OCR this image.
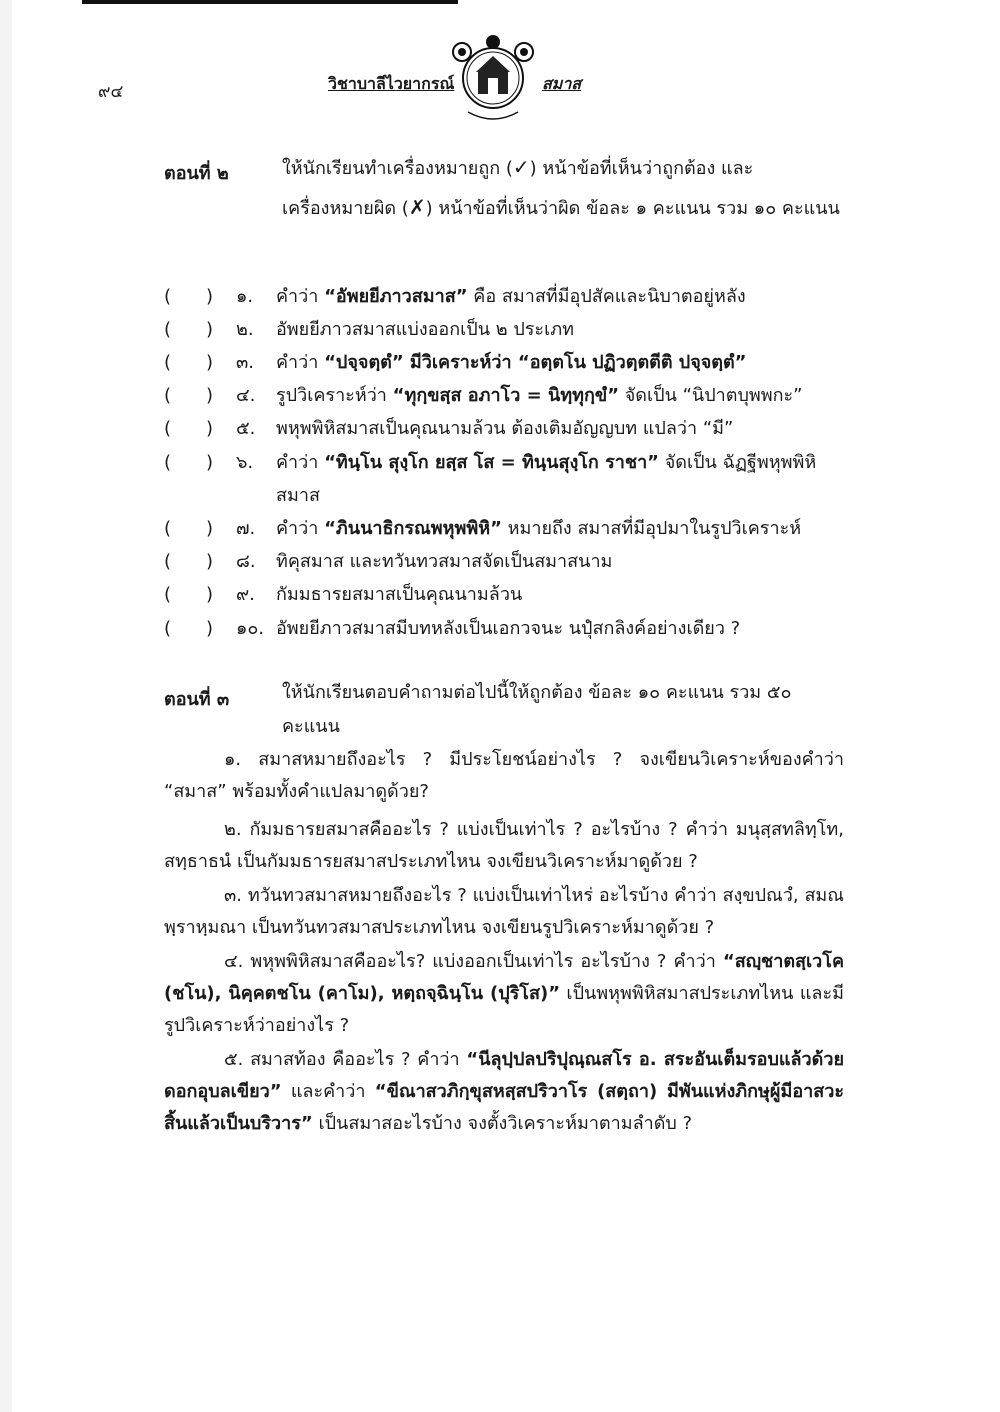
๙๔	วิชาบาลีไวยากรณ์	สมาส
ตอนที่ ๒	ให้นักเรียนทำเครื่องหมายถูก (✓) หน้าข้อที่เห็นว่าถูกต้อง และเครื่องหมายผิด (✗) หน้าข้อที่เห็นว่าผิด ข้อละ ๑ คะแนน รวม ๑๐ คะแนน
( ) ๑. คำว่า “อัพยยีภาวสมาส” คือ สมาสที่มีอุปสัคและนิบาตอยู่หลัง
( ) ๒. อัพยยีภาวสมาสแบ่งออกเป็น ๒ ประเภท
( ) ๓. คำว่า “ปจฺจตฺตํ” มีวิเคราะห์ว่า “อตฺตโน ปฏิวตฺตตีติ ปจฺจตฺตํ”
( ) ๔. รูปวิเคราะห์ว่า “ทุกฺขสฺส อภาโว = นิทฺทุกฺขํ” จัดเป็น “นิปาตบุพพกะ”
( ) ๕. พหุพพิหิสมาสเป็นคุณนามล้วน ต้องเติมอัญญบท แปลว่า “มี”
( ) ๖. คำว่า “ทินฺโน สุงฺโก ยสฺส โส = ทินฺนสุงฺโก ราชา” จัดเป็น ฉัฏฐีพหุพพิหิสมาส
( ) ๗. คำว่า “ภินนาธิกรณพหุพพิหิ” หมายถึง สมาสที่มีอุปมาในรูปวิเคราะห์
( ) ๘. ทิคุสมาส และทวันทวสมาสจัดเป็นสมาสนาม
( ) ๙. กัมมธารยสมาสเป็นคุณนามล้วน
( ) ๑๐. อัพยยีภาวสมาสมีบทหลังเป็นเอกวจนะ นปุํสกลิงค์อย่างเดียว ?
ตอนที่ ๓	ให้นักเรียนตอบคำถามต่อไปนี้ให้ถูกต้อง ข้อละ ๑๐ คะแนน รวม ๕๐ คะแนน
๑. สมาสหมายถึงอะไร ? มีประโยชน์อย่างไร ? จงเขียนวิเคราะห์ของคำว่า “สมาส” พร้อมทั้งคำแปลมาดูด้วย?
๒. กัมมธารยสมาสคืออะไร ? แบ่งเป็นเท่าไร ? อะไรบ้าง ? คำว่า มนุสฺสทลิทฺโท, สทฺธาธนํ เป็นกัมมธารยสมาสประเภทไหน จงเขียนวิเคราะห์มาดูด้วย ?
๓. ทวันทวสมาสหมายถึงอะไร ? แบ่งเป็นเท่าไหร่ อะไรบ้าง คำว่า สงฺขปณวํ, สมณพฺราหฺมณา เป็นทวันทวสมาสประเภทไหน จงเขียนรูปวิเคราะห์มาดูด้วย ?
๔. พหุพพิหิสมาสคืออะไร? แบ่งออกเป็นเท่าไร อะไรบ้าง ? คำว่า “สญฺชาตสฺเวโค (ชโน), นิคฺคตชโน (คาโม), หตฺถจฺฉินฺโน (ปุริโส)” เป็นพหุพพิหิสมาสประเภทไหน และมีรูปวิเคราะห์ว่าอย่างไร ?
๕. สมาสท้อง คืออะไร ? คำว่า “นีลุปฺปลปริปุณฺณสโร อ. สระอันเต็มรอบแล้วด้วยดอกอุบลเขียว” และคำว่า “ขีณาสวภิกฺขุสหสฺสปริวาโร (สตฺถา) มีพันแห่งภิกษุผู้มีอาสวะสิ้นแล้วเป็นบริวาร” เป็นสมาสอะไรบ้าง จงตั้งวิเคราะห์มาตามลำดับ ?
